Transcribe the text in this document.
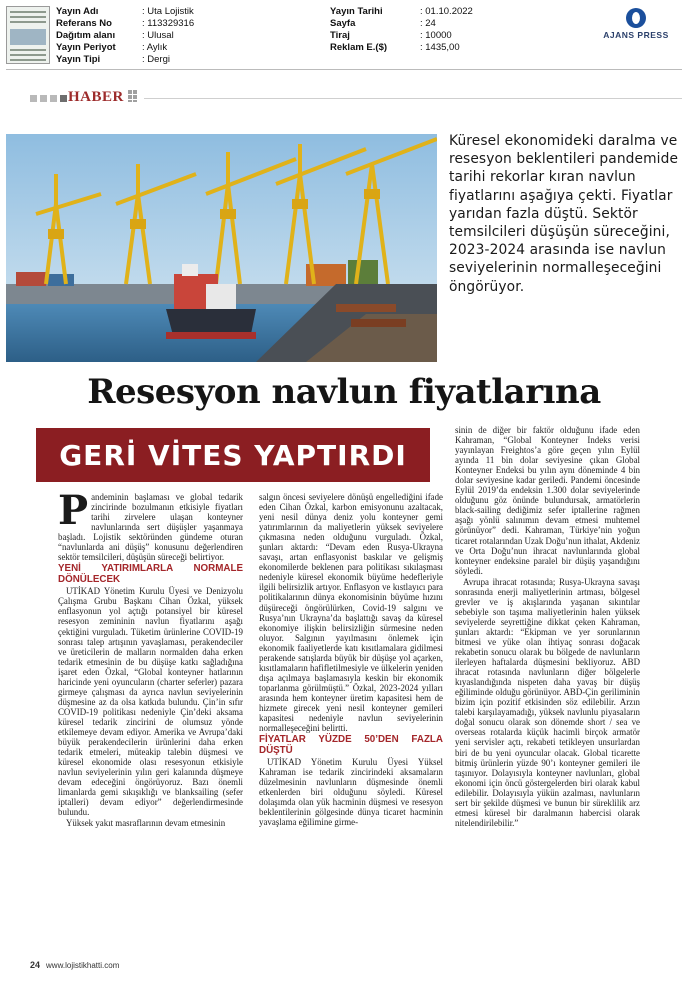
Yayın Adı
Referans No
Dağıtım alanı
Yayın Periyot
Yayın Tipi
: Uta Lojistik
: 113329316
: Ulusal
: Aylık
: Dergi
Yayın Tarihi
Sayfa
Tiraj
Reklam E.($)
: 01.10.2022
: 24
: 10000
: 1435,00
AJANS PRESS
HABER
Küresel ekonomideki daralma ve resesyon beklentileri pandemide tarihi rekorlar kıran navlun fiyatlarını aşağıya çekti. Fiyatlar yarıdan fazla düştü. Sektör temsilcileri düşüşün süreceğini, 2023-2024 arasında ise navlun seviyelerinin normalleşeceğini öngörüyor.
Resesyon navlun fiyatlarına
GERİ VİTES YAPTIRDI

Pandeminin başlaması ve global tedarik zincirinde bozulmanın etkisiyle fiyatları tarihi zirvelere ulaşan konteyner navlunlarında sert düşüşler yaşanmaya başladı. Lojistik sektöründen gündeme oturan “navlunlarda ani düşüş” konusunu değerlendiren sektör temsilcileri, düşüşün süreceği belirtiyor.

YENİ YATIRIMLARLA NORMALE DÖNÜLECEK

UTİKAD Yönetim Kurulu Üyesi ve Denizyolu Çalışma Grubu Başkanı Cihan Özkal, yüksek enflasyonun yol açtığı potansiyel bir küresel resesyon zemininin navlun fiyatlarını aşağı çektiğini vurguladı. Tüketim ürünlerine COVID-19 sonrası talep artışının yavaşlaması, perakendeciler ve üreticilerin de malların normalden daha erken tedarik etmesinin de bu düşüşe katkı sağladığına işaret eden Özkal, “Global konteyner hatlarının haricinde yeni oyuncuların (charter seferler) pazara girmeye çalışması da ayrıca navlun seviyelerinin düşmesine az da olsa katkıda bulundu. Çin’in sıfır COVID-19 politikası nedeniyle Çin’deki aksama küresel tedarik zincirini de olumsuz yönde etkilemeye devam ediyor. Amerika ve Avrupa’daki büyük perakendecilerin ürünlerini daha erken tedarik etmeleri, müteakip talebin düşmesi ve küresel ekonomide olası resesyonun etkisiyle navlun seviyelerinin yılın geri kalanında düşmeye devam edeceğini öngörüyoruz. Bazı önemli limanlarda gemi sıkışıklığı ve blanksailing (sefer iptalleri) devam ediyor” değerlendirmesinde bulundu.

Yüksek yakıt masraflarının devam etmesinin

salgın öncesi seviyelere dönüşü engellediğini ifade eden Cihan Özkal, karbon emisyonunu azaltacak, yeni nesil dünya deniz yolu konteyner gemi yatırımlarının da maliyetlerin yüksek seviyelere çıkmasına neden olduğunu vurguladı. Özkal, şunları aktardı: “Devam eden Rusya-Ukrayna savaşı, artan enflasyonist baskılar ve gelişmiş ekonomilerde beklenen para politikası sıkılaşması nedeniyle küresel ekonomik büyüme hedefleriyle ilgili belirsizlik artıyor. Enflasyon ve kıstlayıcı para politikalarının dünya ekonomisinin büyüme hızını düşüreceği öngörülürken, Covid-19 salgını ve Rusya’nın Ukrayna’da başlattığı savaş da küresel ekonomiye ilişkin belirsizliğin sürmesine neden oluyor. Salgının yayılmasını önlemek için ekonomik faaliyetlerde katı kısıtlamalara gidilmesi perakende satışlarda büyük bir düşüşe yol açarken, kısıtlamaların hafifletilmesiyle ve ülkelerin yeniden dışa açılmaya başlamasıyla keskin bir ekonomik toparlanma görülmüştü.” Özkal, 2023-2024 yılları arasında hem konteyner üretim kapasitesi hem de hizmete girecek yeni nesil konteyner gemileri kapasitesi nedeniyle navlun seviyelerinin normalleşeceğini belirtti.

FİYATLAR YÜZDE 50’DEN FAZLA DÜŞTÜ

UTİKAD Yönetim Kurulu Üyesi Yüksel Kahraman ise tedarik zincirindeki aksamaların düzelmesinin navlunların düşmesinde önemli etkenlerden biri olduğunu söyledi. Küresel dolaşımda olan yük hacminin düşmesi ve resesyon beklentilerinin gölgesinde dünya ticaret hacminin yavaşlama eğilimine girme-

sinin de diğer bir faktör olduğunu ifade eden Kahraman, “Global Konteyner Indeks verisi yayınlayan Freightos’a göre geçen yılın Eylül ayında 11 bin dolar seviyesine çıkan Global Konteyner Endeksi bu yılın aynı döneminde 4 bin dolar seviyesine kadar geriledi. Pandemi öncesinde Eylül 2019’da endeksin 1.300 dolar seviyelerinde olduğunu göz önünde bulundursak, armatörlerin black-sailing dediğimiz sefer iptallerine rağmen aşağı yönlü salınımın devam etmesi muhtemel görünüyor” dedi. Kahraman, Türkiye’nin yoğun ticaret rotalarından Uzak Doğu’nun ithalat, Akdeniz ve Orta Doğu’nun ihracat navlunlarında global konteyner endeksine paralel bir düşüş yaşandığını söyledi.

Avrupa ihracat rotasında; Rusya-Ukrayna savaşı sonrasında enerji maliyetlerinin artması, bölgesel grevler ve iş akışlarında yaşanan sıkıntılar sebebiyle son taşıma maliyetlerinin halen yüksek seviyelerde seyrettiğine dikkat çeken Kahraman, şunları aktardı: “Ekipman ve yer sorunlarının bitmesi ve yüke olan ihtiyaç sonrası doğacak rekabetin sonucu olarak bu bölgede de navlunların ilerleyen haftalarda düşmesini bekliyoruz. ABD ihracat rotasında navlunların diğer bölgelerle kıyaslandığında nispeten daha yavaş bir düşüş eğiliminde olduğu görünüyor. ABD-Çin geriliminin bizim için pozitif etkisinden söz edilebilir. Arzın talebi karşılayamadığı, yüksek navlunlu piyasaların doğal sonucu olarak son dönemde short / sea ve overseas rotalarda küçük hacimli birçok armatör yeni servisler açtı, rekabeti tetikleyen unsurlardan biri de bu yeni oyuncular olacak. Global ticarette bitmiş ürünlerin yüzde 90’ı konteyner gemileri ile taşınıyor. Dolayısıyla konteyner navlunları, global ekonomi için öncü göstergelerden biri olarak kabul edilebilir. Dolayısıyla yükün azalması, navlunların sert bir şekilde düşmesi ve bunun bir süreklilik arz etmesi küresel bir daralmanın habercisi olarak nitelendirilebilir.”

24 www.lojistikhatti.com
